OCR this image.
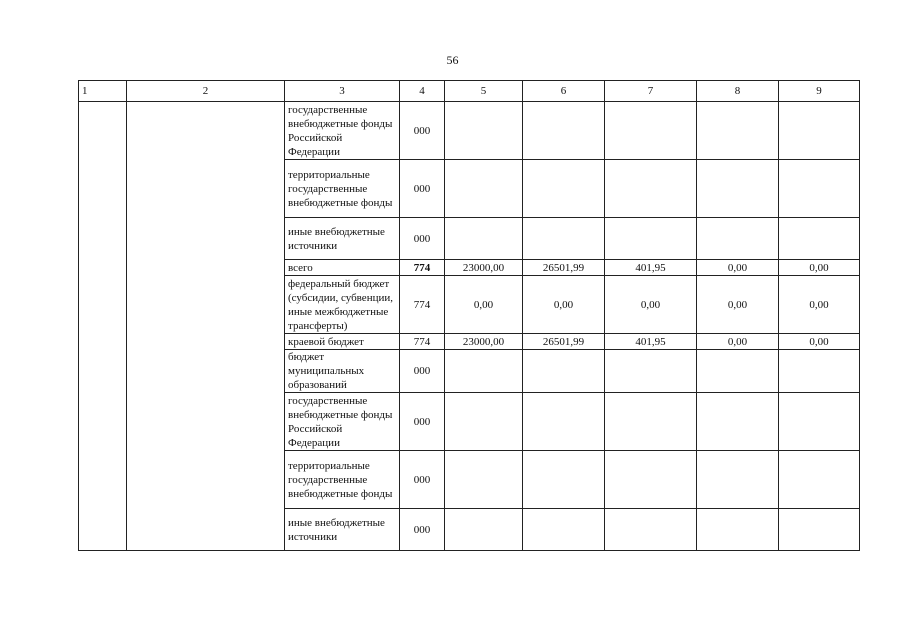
56
1	2	3	4	5	6	7	8	9
		государственные внебюджетные фонды Российской Федерации	000					
		территориальные государственные внебюджетные фонды	000					
		иные внебюджетные источники	000					
		всего	774	23000,00	26501,99	401,95	0,00	0,00
		федеральный бюджет (субсидии, субвенции, иные межбюджетные трансферты)	774	0,00	0,00	0,00	0,00	0,00
		краевой бюджет	774	23000,00	26501,99	401,95	0,00	0,00
		бюджет муниципальных образований	000					
		государственные внебюджетные фонды Российской Федерации	000					
		территориальные государственные внебюджетные фонды	000					
		иные внебюджетные источники	000					
